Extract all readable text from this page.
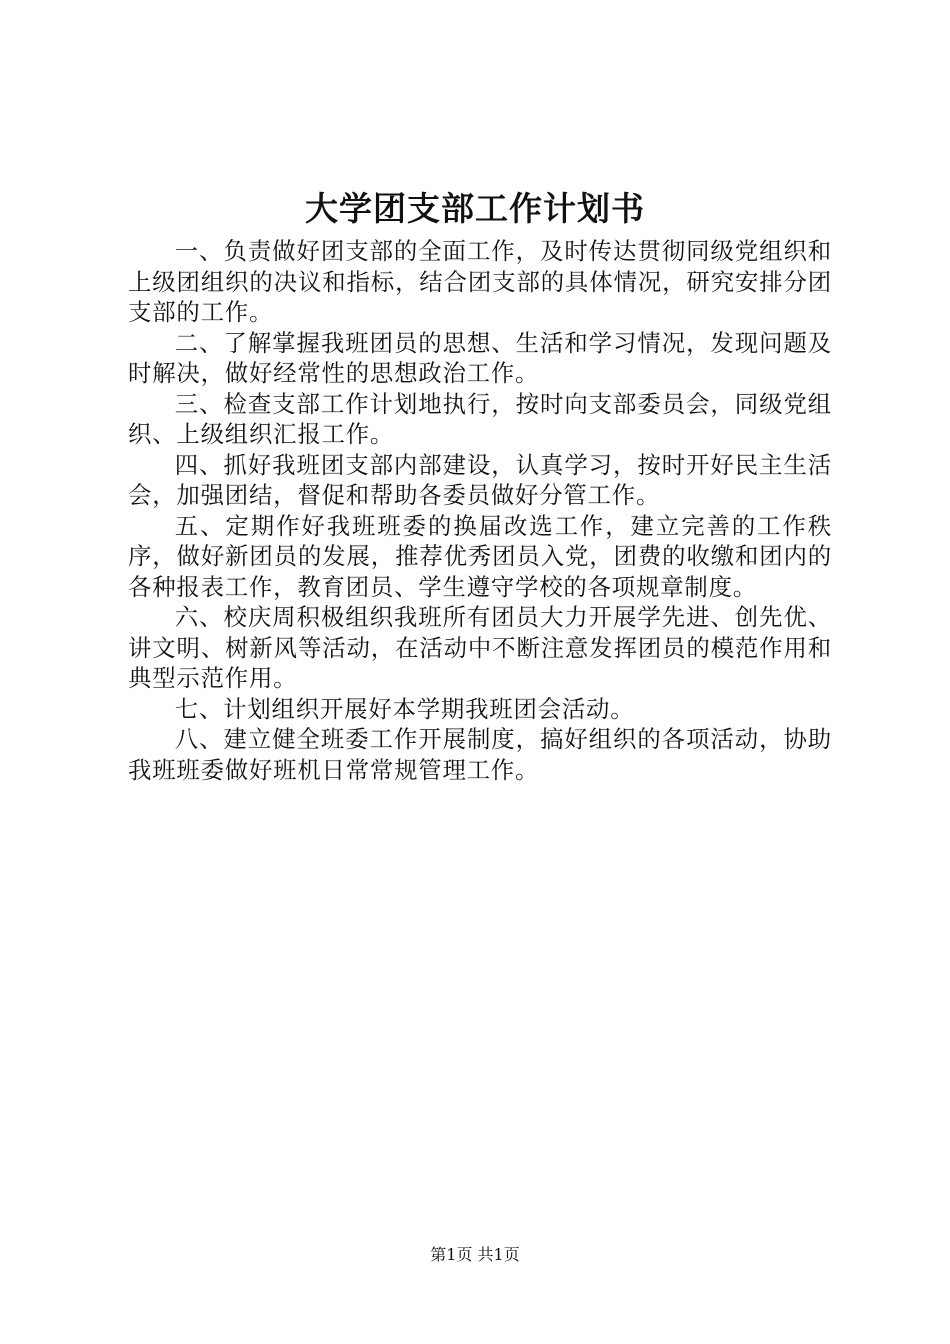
大学团支部工作计划书

一、负责做好团支部的全面工作，及时传达贯彻同级党组织和上级团组织的决议和指标，结合团支部的具体情况，研究安排分团支部的工作。

二、了解掌握我班团员的思想、生活和学习情况，发现问题及时解决，做好经常性的思想政治工作。

三、检查支部工作计划地执行，按时向支部委员会，同级党组织、上级组织汇报工作。

四、抓好我班团支部内部建设，认真学习，按时开好民主生活会，加强团结，督促和帮助各委员做好分管工作。

五、定期作好我班班委的换届改选工作，建立完善的工作秩序，做好新团员的发展，推荐优秀团员入党，团费的收缴和团内的各种报表工作，教育团员、学生遵守学校的各项规章制度。

六、校庆周积极组织我班所有团员大力开展学先进、创先优、讲文明、树新风等活动，在活动中不断注意发挥团员的模范作用和典型示范作用。

七、计划组织开展好本学期我班团会活动。

八、建立健全班委工作开展制度，搞好组织的各项活动，协助我班班委做好班机日常常规管理工作。

第1页 共1页
